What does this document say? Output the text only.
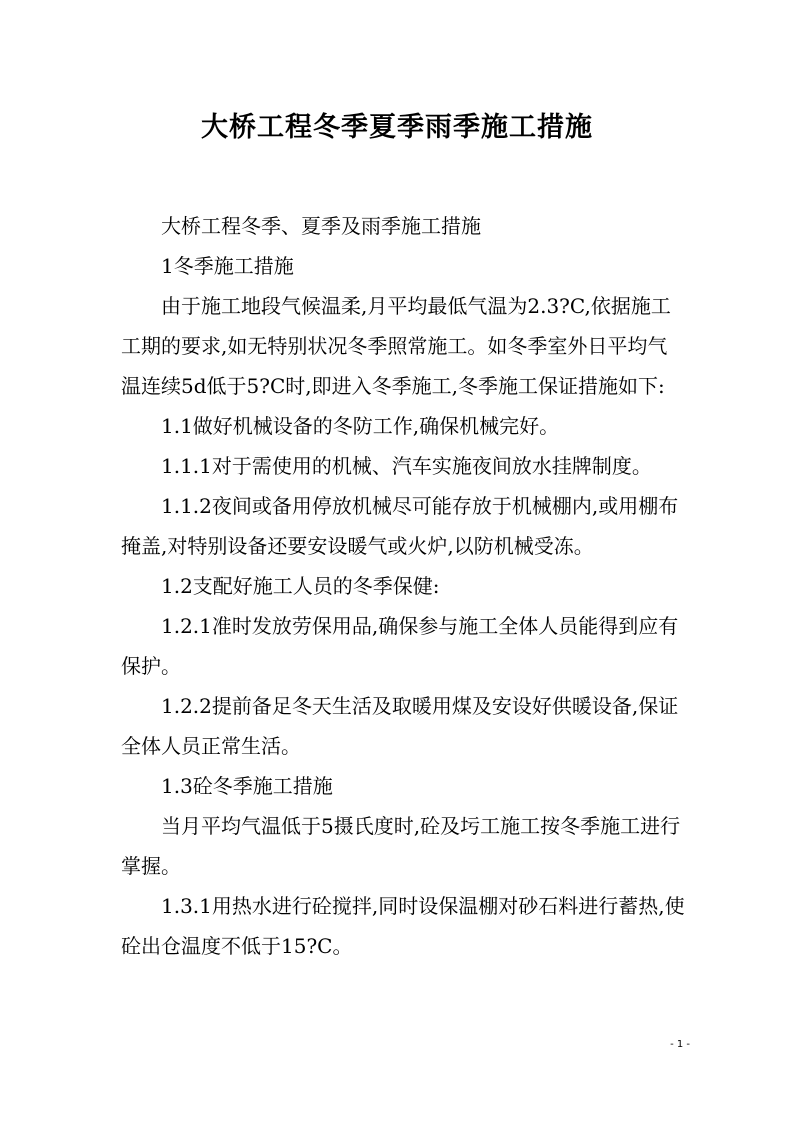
大桥工程冬季夏季雨季施工措施

大桥工程冬季、夏季及雨季施工措施

1冬季施工措施

由于施工地段气候温柔,月平均最低气温为2.3?C,依据施工工期的要求,如无特别状况冬季照常施工。如冬季室外日平均气温连续5d低于5?C时,即进入冬季施工,冬季施工保证措施如下:

1.1做好机械设备的冬防工作,确保机械完好。

1.1.1对于需使用的机械、汽车实施夜间放水挂牌制度。

1.1.2夜间或备用停放机械尽可能存放于机械棚内,或用棚布掩盖,对特别设备还要安设暖气或火炉,以防机械受冻。

1.2支配好施工人员的冬季保健:

1.2.1准时发放劳保用品,确保参与施工全体人员能得到应有保护。

1.2.2提前备足冬天生活及取暖用煤及安设好供暖设备,保证全体人员正常生活。

1.3砼冬季施工措施

当月平均气温低于5摄氏度时,砼及圬工施工按冬季施工进行掌握。

1.3.1用热水进行砼搅拌,同时设保温棚对砂石料进行蓄热,使砼出仓温度不低于15?C。

- 1 -
